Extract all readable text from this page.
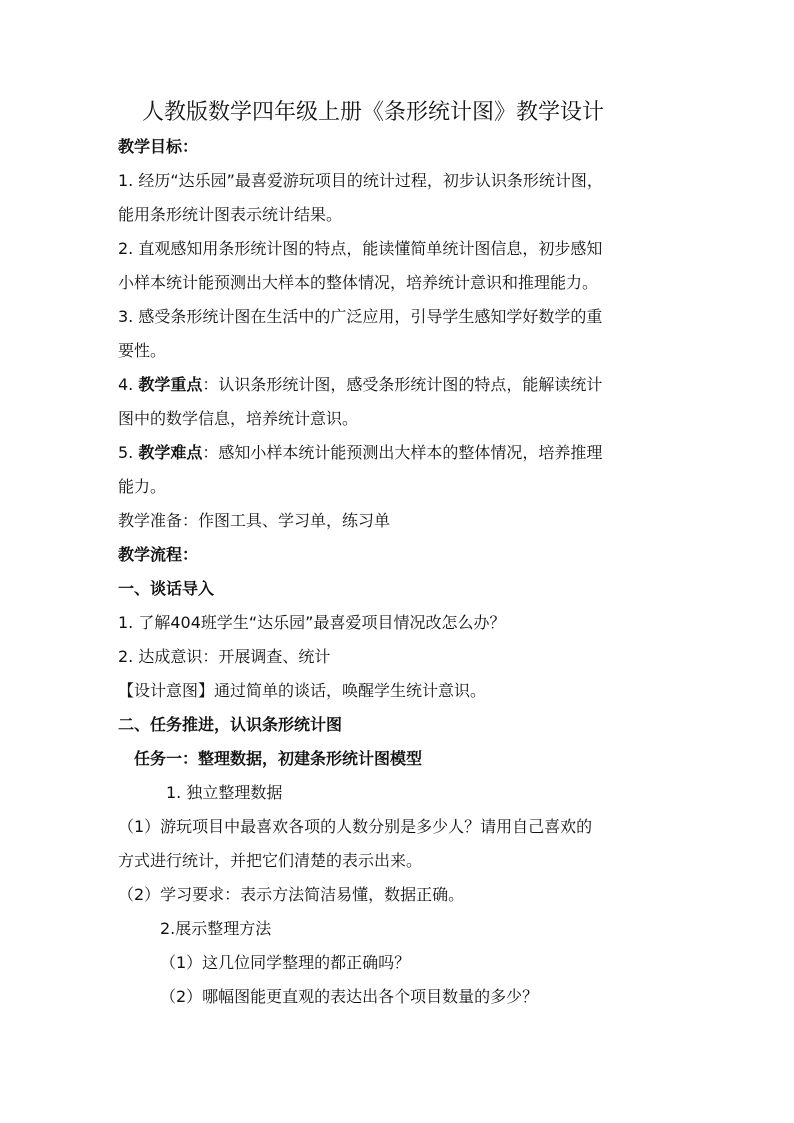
人教版数学四年级上册《条形统计图》教学设计
教学目标：
1. 经历“达乐园”最喜爱游玩项目的统计过程，初步认识条形统计图，
能用条形统计图表示统计结果。
2. 直观感知用条形统计图的特点，能读懂简单统计图信息，初步感知
小样本统计能预测出大样本的整体情况，培养统计意识和推理能力。
3. 感受条形统计图在生活中的广泛应用，引导学生感知学好数学的重
要性。
4. 教学重点：认识条形统计图，感受条形统计图的特点，能解读统计
图中的数学信息，培养统计意识。
5. 教学难点：感知小样本统计能预测出大样本的整体情况，培养推理
能力。
教学准备：作图工具、学习单，练习单
教学流程：
一、谈话导入
1. 了解404班学生“达乐园”最喜爱项目情况改怎么办？
2. 达成意识：开展调查、统计
【设计意图】通过简单的谈话，唤醒学生统计意识。
二、任务推进，认识条形统计图
任务一：整理数据，初建条形统计图模型
1. 独立整理数据
（1）游玩项目中最喜欢各项的人数分别是多少人？请用自己喜欢的
方式进行统计，并把它们清楚的表示出来。
（2）学习要求：表示方法简洁易懂，数据正确。
2.展示整理方法
（1）这几位同学整理的都正确吗？
（2）哪幅图能更直观的表达出各个项目数量的多少？
